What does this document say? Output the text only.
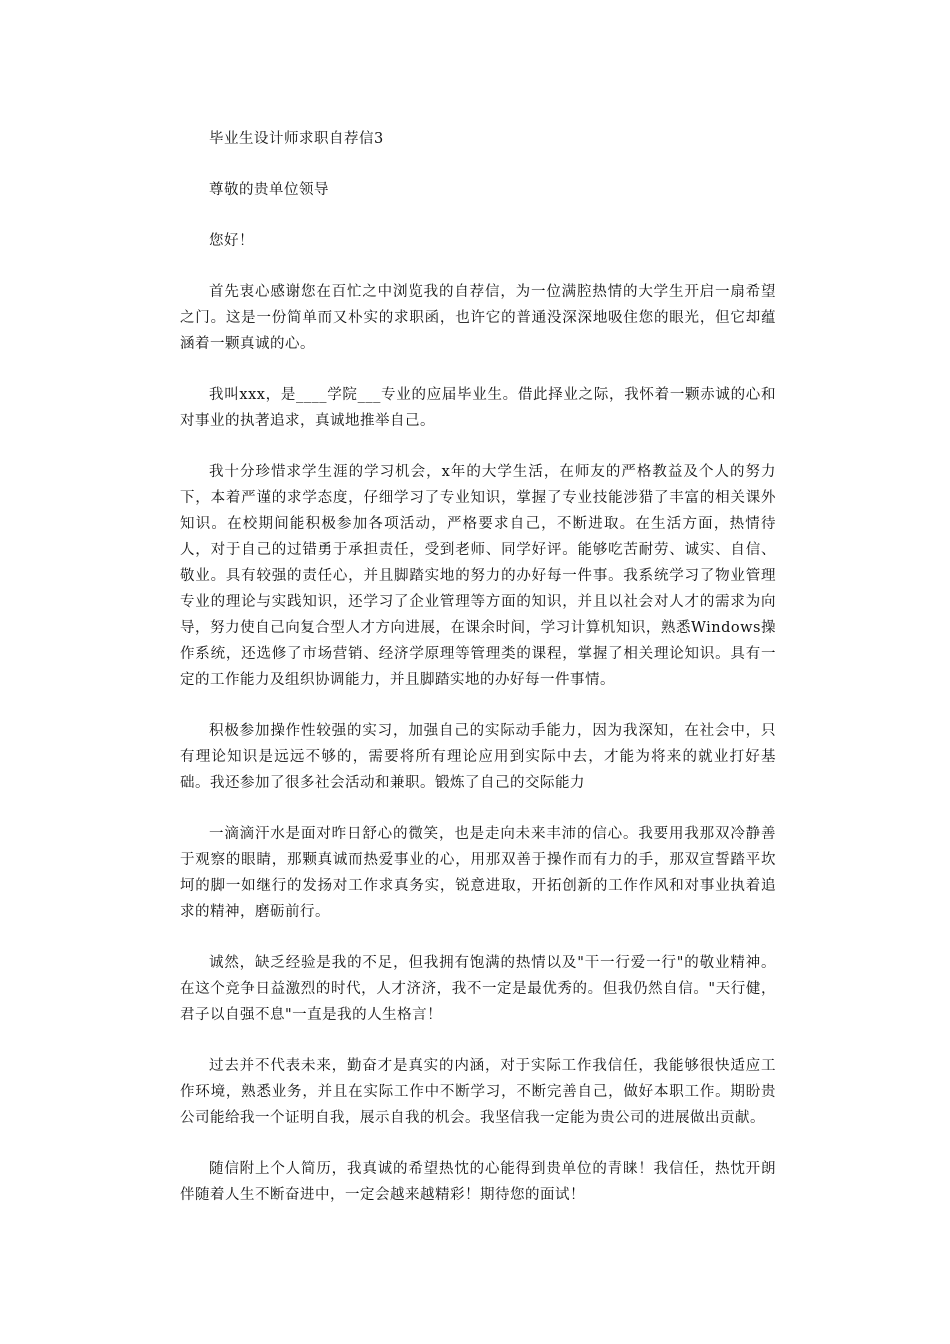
毕业生设计师求职自荐信3

尊敬的贵单位领导

您好！

首先衷心感谢您在百忙之中浏览我的自荐信，为一位满腔热情的大学生开启一扇希望之门。这是一份简单而又朴实的求职函，也许它的普通没深深地吸住您的眼光，但它却蕴涵着一颗真诚的心。

我叫xxx，是____学院___专业的应届毕业生。借此择业之际，我怀着一颗赤诚的心和对事业的执著追求，真诚地推举自己。

我十分珍惜求学生涯的学习机会，x年的大学生活，在师友的严格教益及个人的努力下，本着严谨的求学态度，仔细学习了专业知识，掌握了专业技能涉猎了丰富的相关课外知识。在校期间能积极参加各项活动，严格要求自己，不断进取。在生活方面，热情待人，对于自己的过错勇于承担责任，受到老师、同学好评。能够吃苦耐劳、诚实、自信、敬业。具有较强的责任心，并且脚踏实地的努力的办好每一件事。我系统学习了物业管理专业的理论与实践知识，还学习了企业管理等方面的知识，并且以社会对人才的需求为向导，努力使自己向复合型人才方向进展，在课余时间，学习计算机知识，熟悉Windows操作系统，还选修了市场营销、经济学原理等管理类的课程，掌握了相关理论知识。具有一定的工作能力及组织协调能力，并且脚踏实地的办好每一件事情。

积极参加操作性较强的实习，加强自己的实际动手能力，因为我深知，在社会中，只有理论知识是远远不够的，需要将所有理论应用到实际中去，才能为将来的就业打好基础。我还参加了很多社会活动和兼职。锻炼了自己的交际能力

一滴滴汗水是面对昨日舒心的微笑，也是走向未来丰沛的信心。我要用我那双冷静善于观察的眼睛，那颗真诚而热爱事业的心，用那双善于操作而有力的手，那双宣誓踏平坎坷的脚一如继行的发扬对工作求真务实，锐意进取，开拓创新的工作作风和对事业执着追求的精神，磨砺前行。

诚然，缺乏经验是我的不足，但我拥有饱满的热情以及"干一行爱一行"的敬业精神。在这个竞争日益激烈的时代，人才济济，我不一定是最优秀的。但我仍然自信。"天行健，君子以自强不息"一直是我的人生格言！

过去并不代表未来，勤奋才是真实的内涵，对于实际工作我信任，我能够很快适应工作环境，熟悉业务，并且在实际工作中不断学习，不断完善自己，做好本职工作。期盼贵公司能给我一个证明自我，展示自我的机会。我坚信我一定能为贵公司的进展做出贡献。

随信附上个人简历，我真诚的希望热忱的心能得到贵单位的青睐！我信任，热忱开朗伴随着人生不断奋进中，一定会越来越精彩！期待您的面试！
